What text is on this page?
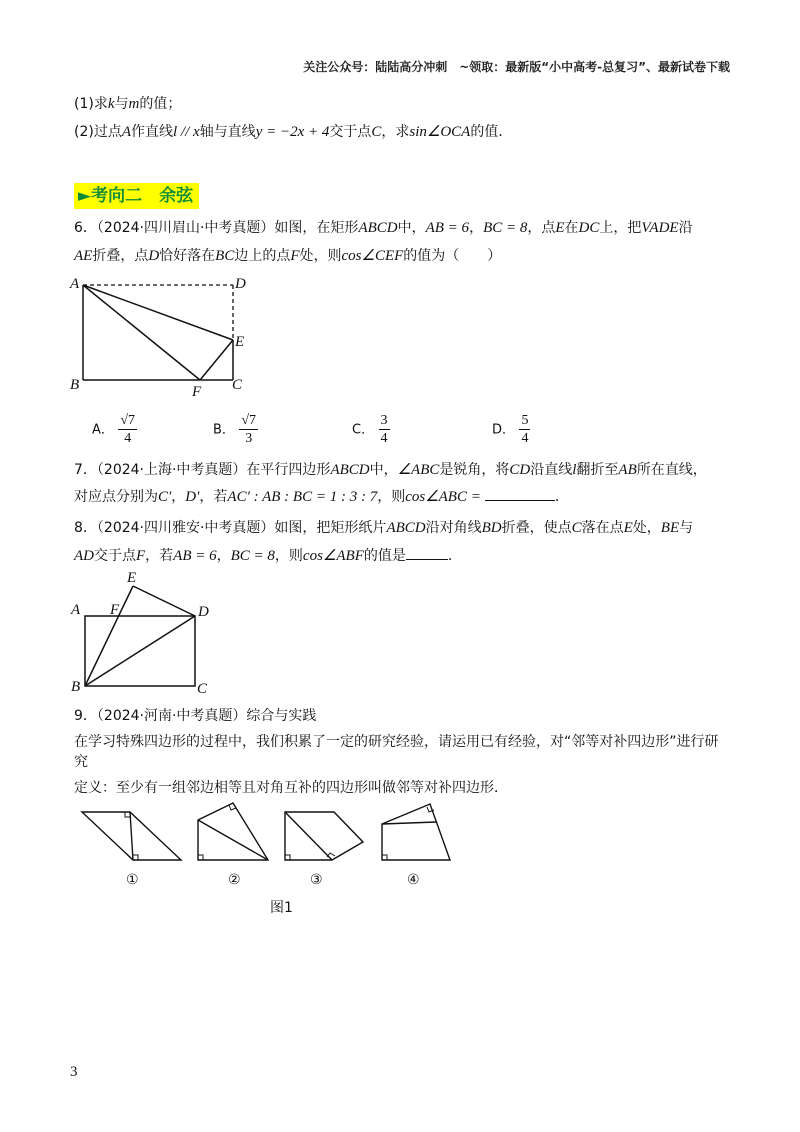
关注公众号：陆陆高分冲刺　~领取：最新版“小中高考-总复习”、最新试卷下载
(1)求k与m的值；
(2)过点A作直线l // x轴与直线y = −2x + 4交于点C，求sin∠OCA的值．
►考向二　余弦
6．（2024·四川眉山·中考真题）如图，在矩形ABCD中，AB = 6，BC = 8，点E在DC上，把VADE沿
AE折叠，点D恰好落在BC边上的点F处，则cos∠CEF的值为（　　）
A	D
E
B	F C
A． $\frac{√7}{4}$	B． $\frac{√7}{3}$	C． $\frac{3}{4}$	D． $\frac{5}{4}$
7．（2024·上海·中考真题）在平行四边形ABCD中，∠ABC是锐角，将CD沿直线l翻折至AB所在直线，
对应点分别为C′，D′，若AC′ : AB : BC = 1 : 3 : 7，则cos∠ABC =	．
8．（2024·四川雅安·中考真题）如图，把矩形纸片ABCD沿对角线BD折叠，使点C落在点E处，BE与
AD交于点F，若AB = 6，BC = 8，则cos∠ABF的值是	．
E
A F	D
B	C
9．（2024·河南·中考真题）综合与实践
在学习特殊四边形的过程中，我们积累了一定的研究经验，请运用已有经验，对“邻等对补四边形”进行研
究
定义：至少有一组邻边相等且对角互补的四边形叫做邻等对补四边形．
①	②	③	④
图1
3
